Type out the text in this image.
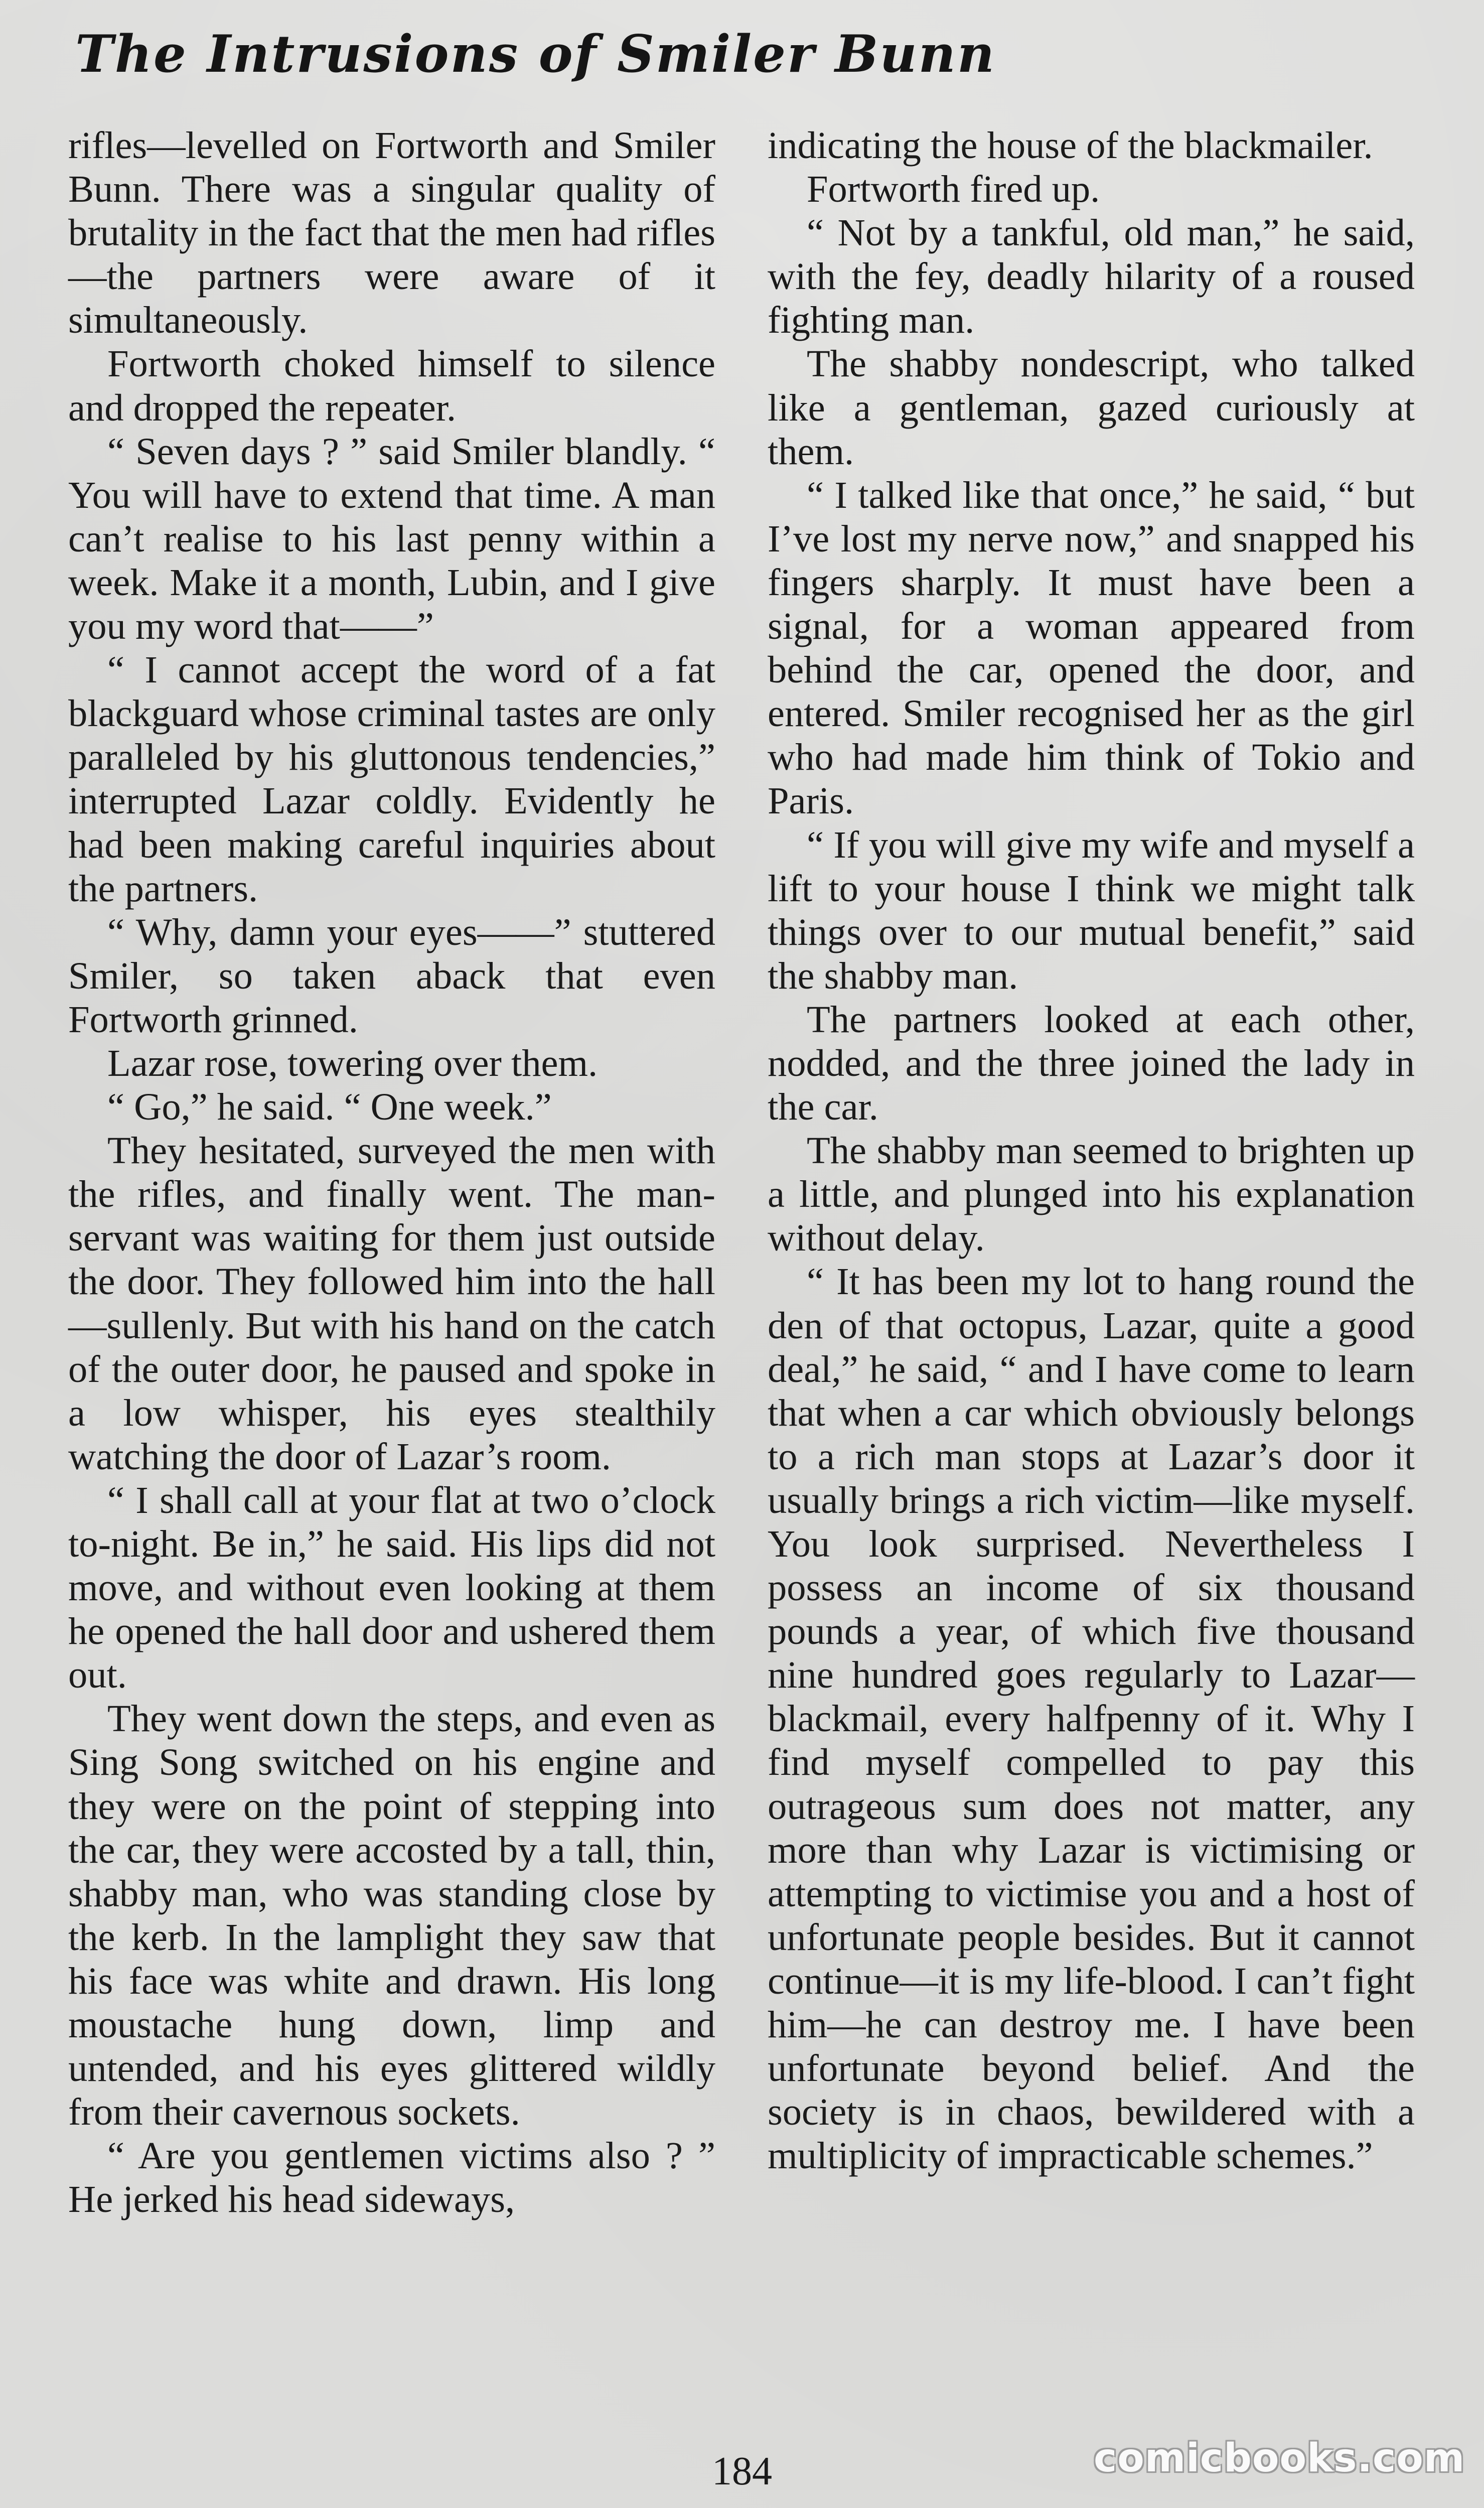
The Intrusions of Smiler Bunn

rifles—levelled on Fortworth and Smiler Bunn. There was a singular quality of brutality in the fact that the men had rifles—the partners were aware of it simultaneously.

Fortworth choked himself to silence and dropped the repeater.

“ Seven days ? ” said Smiler blandly. “ You will have to extend that time. A man can’t realise to his last penny within a week. Make it a month, Lubin, and I give you my word that——”

“ I cannot accept the word of a fat blackguard whose criminal tastes are only paralleled by his gluttonous tendencies,” interrupted Lazar coldly. Evidently he had been making careful inquiries about the partners.

“ Why, damn your eyes——” stuttered Smiler, so taken aback that even Fortworth grinned.

Lazar rose, towering over them.

“ Go,” he said. “ One week.”

They hesitated, surveyed the men with the rifles, and finally went. The man-servant was waiting for them just outside the door. They followed him into the hall—sullenly. But with his hand on the catch of the outer door, he paused and spoke in a low whisper, his eyes stealthily watching the door of Lazar’s room.

“ I shall call at your flat at two o’clock to-night. Be in,” he said. His lips did not move, and without even looking at them he opened the hall door and ushered them out.

They went down the steps, and even as Sing Song switched on his engine and they were on the point of stepping into the car, they were accosted by a tall, thin, shabby man, who was standing close by the kerb. In the lamplight they saw that his face was white and drawn. His long moustache hung down, limp and untended, and his eyes glittered wildly from their cavernous sockets.

“ Are you gentlemen victims also ? ” He jerked his head sideways,

indicating the house of the blackmailer.

Fortworth fired up.

“ Not by a tankful, old man,” he said, with the fey, deadly hilarity of a roused fighting man.

The shabby nondescript, who talked like a gentleman, gazed curiously at them.

“ I talked like that once,” he said, “ but I’ve lost my nerve now,” and snapped his fingers sharply. It must have been a signal, for a woman appeared from behind the car, opened the door, and entered. Smiler recognised her as the girl who had made him think of Tokio and Paris.

“ If you will give my wife and myself a lift to your house I think we might talk things over to our mutual benefit,” said the shabby man.

The partners looked at each other, nodded, and the three joined the lady in the car.

The shabby man seemed to brighten up a little, and plunged into his explanation without delay.

“ It has been my lot to hang round the den of that octopus, Lazar, quite a good deal,” he said, “ and I have come to learn that when a car which obviously belongs to a rich man stops at Lazar’s door it usually brings a rich victim—like myself. You look surprised. Nevertheless I possess an income of six thousand pounds a year, of which five thousand nine hundred goes regularly to Lazar—blackmail, every halfpenny of it. Why I find myself compelled to pay this outrageous sum does not matter, any more than why Lazar is victimising or attempting to victimise you and a host of unfortunate people besides. But it cannot continue—it is my life-blood. I can’t fight him—he can destroy me. I have been unfortunate beyond belief. And the society is in chaos, bewildered with a multiplicity of impracticable schemes.”

184	comicbooks.com
